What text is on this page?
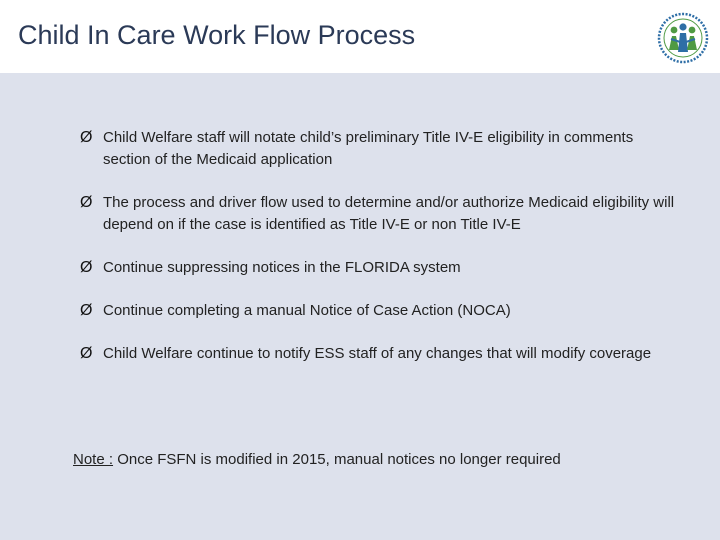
Child In Care Work Flow Process
Ø Child Welfare staff will notate child’s preliminary Title IV-E eligibility in comments section of the Medicaid application
Ø The process and driver flow used to determine and/or authorize Medicaid eligibility will depend on if the case is identified as Title IV-E or non Title IV-E
Ø Continue suppressing notices in the FLORIDA system
Ø Continue completing a manual Notice of Case Action (NOCA)
Ø Child Welfare continue to notify ESS staff of any changes that will modify coverage
Note : Once FSFN is modified in 2015, manual notices no longer required
